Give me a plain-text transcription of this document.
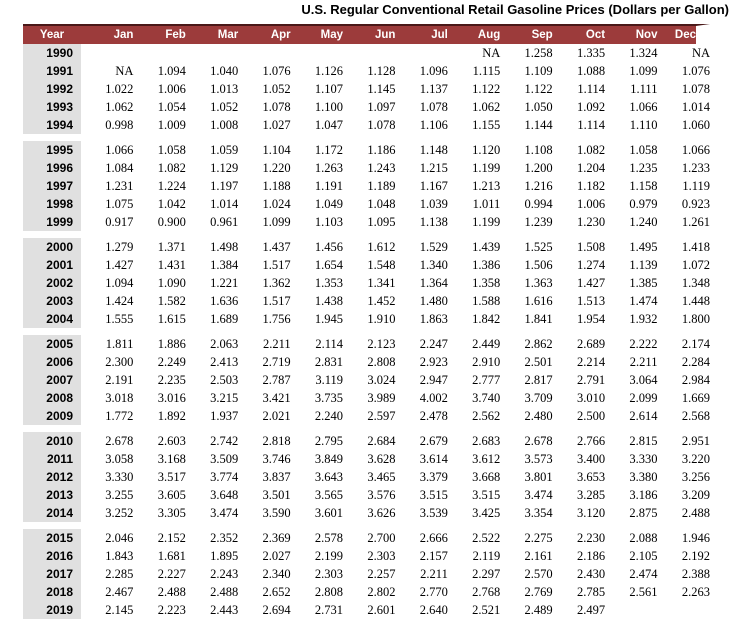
U.S. Regular Conventional Retail Gasoline Prices (Dollars per Gallon)
Year	Jan	Feb	Mar	Apr	May	Jun	Jul	Aug	Sep	Oct	Nov	Dec
1990								NA	1.258	1.335	1.324	NA
1991	NA	1.094	1.040	1.076	1.126	1.128	1.096	1.115	1.109	1.088	1.099	1.076
1992	1.022	1.006	1.013	1.052	1.107	1.145	1.137	1.122	1.122	1.114	1.111	1.078
1993	1.062	1.054	1.052	1.078	1.100	1.097	1.078	1.062	1.050	1.092	1.066	1.014
1994	0.998	1.009	1.008	1.027	1.047	1.078	1.106	1.155	1.144	1.114	1.110	1.060

1995	1.066	1.058	1.059	1.104	1.172	1.186	1.148	1.120	1.108	1.082	1.058	1.066
1996	1.084	1.082	1.129	1.220	1.263	1.243	1.215	1.199	1.200	1.204	1.235	1.233
1997	1.231	1.224	1.197	1.188	1.191	1.189	1.167	1.213	1.216	1.182	1.158	1.119
1998	1.075	1.042	1.014	1.024	1.049	1.048	1.039	1.011	0.994	1.006	0.979	0.923
1999	0.917	0.900	0.961	1.099	1.103	1.095	1.138	1.199	1.239	1.230	1.240	1.261

2000	1.279	1.371	1.498	1.437	1.456	1.612	1.529	1.439	1.525	1.508	1.495	1.418
2001	1.427	1.431	1.384	1.517	1.654	1.548	1.340	1.386	1.506	1.274	1.139	1.072
2002	1.094	1.090	1.221	1.362	1.353	1.341	1.364	1.358	1.363	1.427	1.385	1.348
2003	1.424	1.582	1.636	1.517	1.438	1.452	1.480	1.588	1.616	1.513	1.474	1.448
2004	1.555	1.615	1.689	1.756	1.945	1.910	1.863	1.842	1.841	1.954	1.932	1.800

2005	1.811	1.886	2.063	2.211	2.114	2.123	2.247	2.449	2.862	2.689	2.222	2.174
2006	2.300	2.249	2.413	2.719	2.831	2.808	2.923	2.910	2.501	2.214	2.211	2.284
2007	2.191	2.235	2.503	2.787	3.119	3.024	2.947	2.777	2.817	2.791	3.064	2.984
2008	3.018	3.016	3.215	3.421	3.735	3.989	4.002	3.740	3.709	3.010	2.099	1.669
2009	1.772	1.892	1.937	2.021	2.240	2.597	2.478	2.562	2.480	2.500	2.614	2.568

2010	2.678	2.603	2.742	2.818	2.795	2.684	2.679	2.683	2.678	2.766	2.815	2.951
2011	3.058	3.168	3.509	3.746	3.849	3.628	3.614	3.612	3.573	3.400	3.330	3.220
2012	3.330	3.517	3.774	3.837	3.643	3.465	3.379	3.668	3.801	3.653	3.380	3.256
2013	3.255	3.605	3.648	3.501	3.565	3.576	3.515	3.515	3.474	3.285	3.186	3.209
2014	3.252	3.305	3.474	3.590	3.601	3.626	3.539	3.425	3.354	3.120	2.875	2.488

2015	2.046	2.152	2.352	2.369	2.578	2.700	2.666	2.522	2.275	2.230	2.088	1.946
2016	1.843	1.681	1.895	2.027	2.199	2.303	2.157	2.119	2.161	2.186	2.105	2.192
2017	2.285	2.227	2.243	2.340	2.303	2.257	2.211	2.297	2.570	2.430	2.474	2.388
2018	2.467	2.488	2.488	2.652	2.808	2.802	2.770	2.768	2.769	2.785	2.561	2.263
2019	2.145	2.223	2.443	2.694	2.731	2.601	2.640	2.521	2.489	2.497		
